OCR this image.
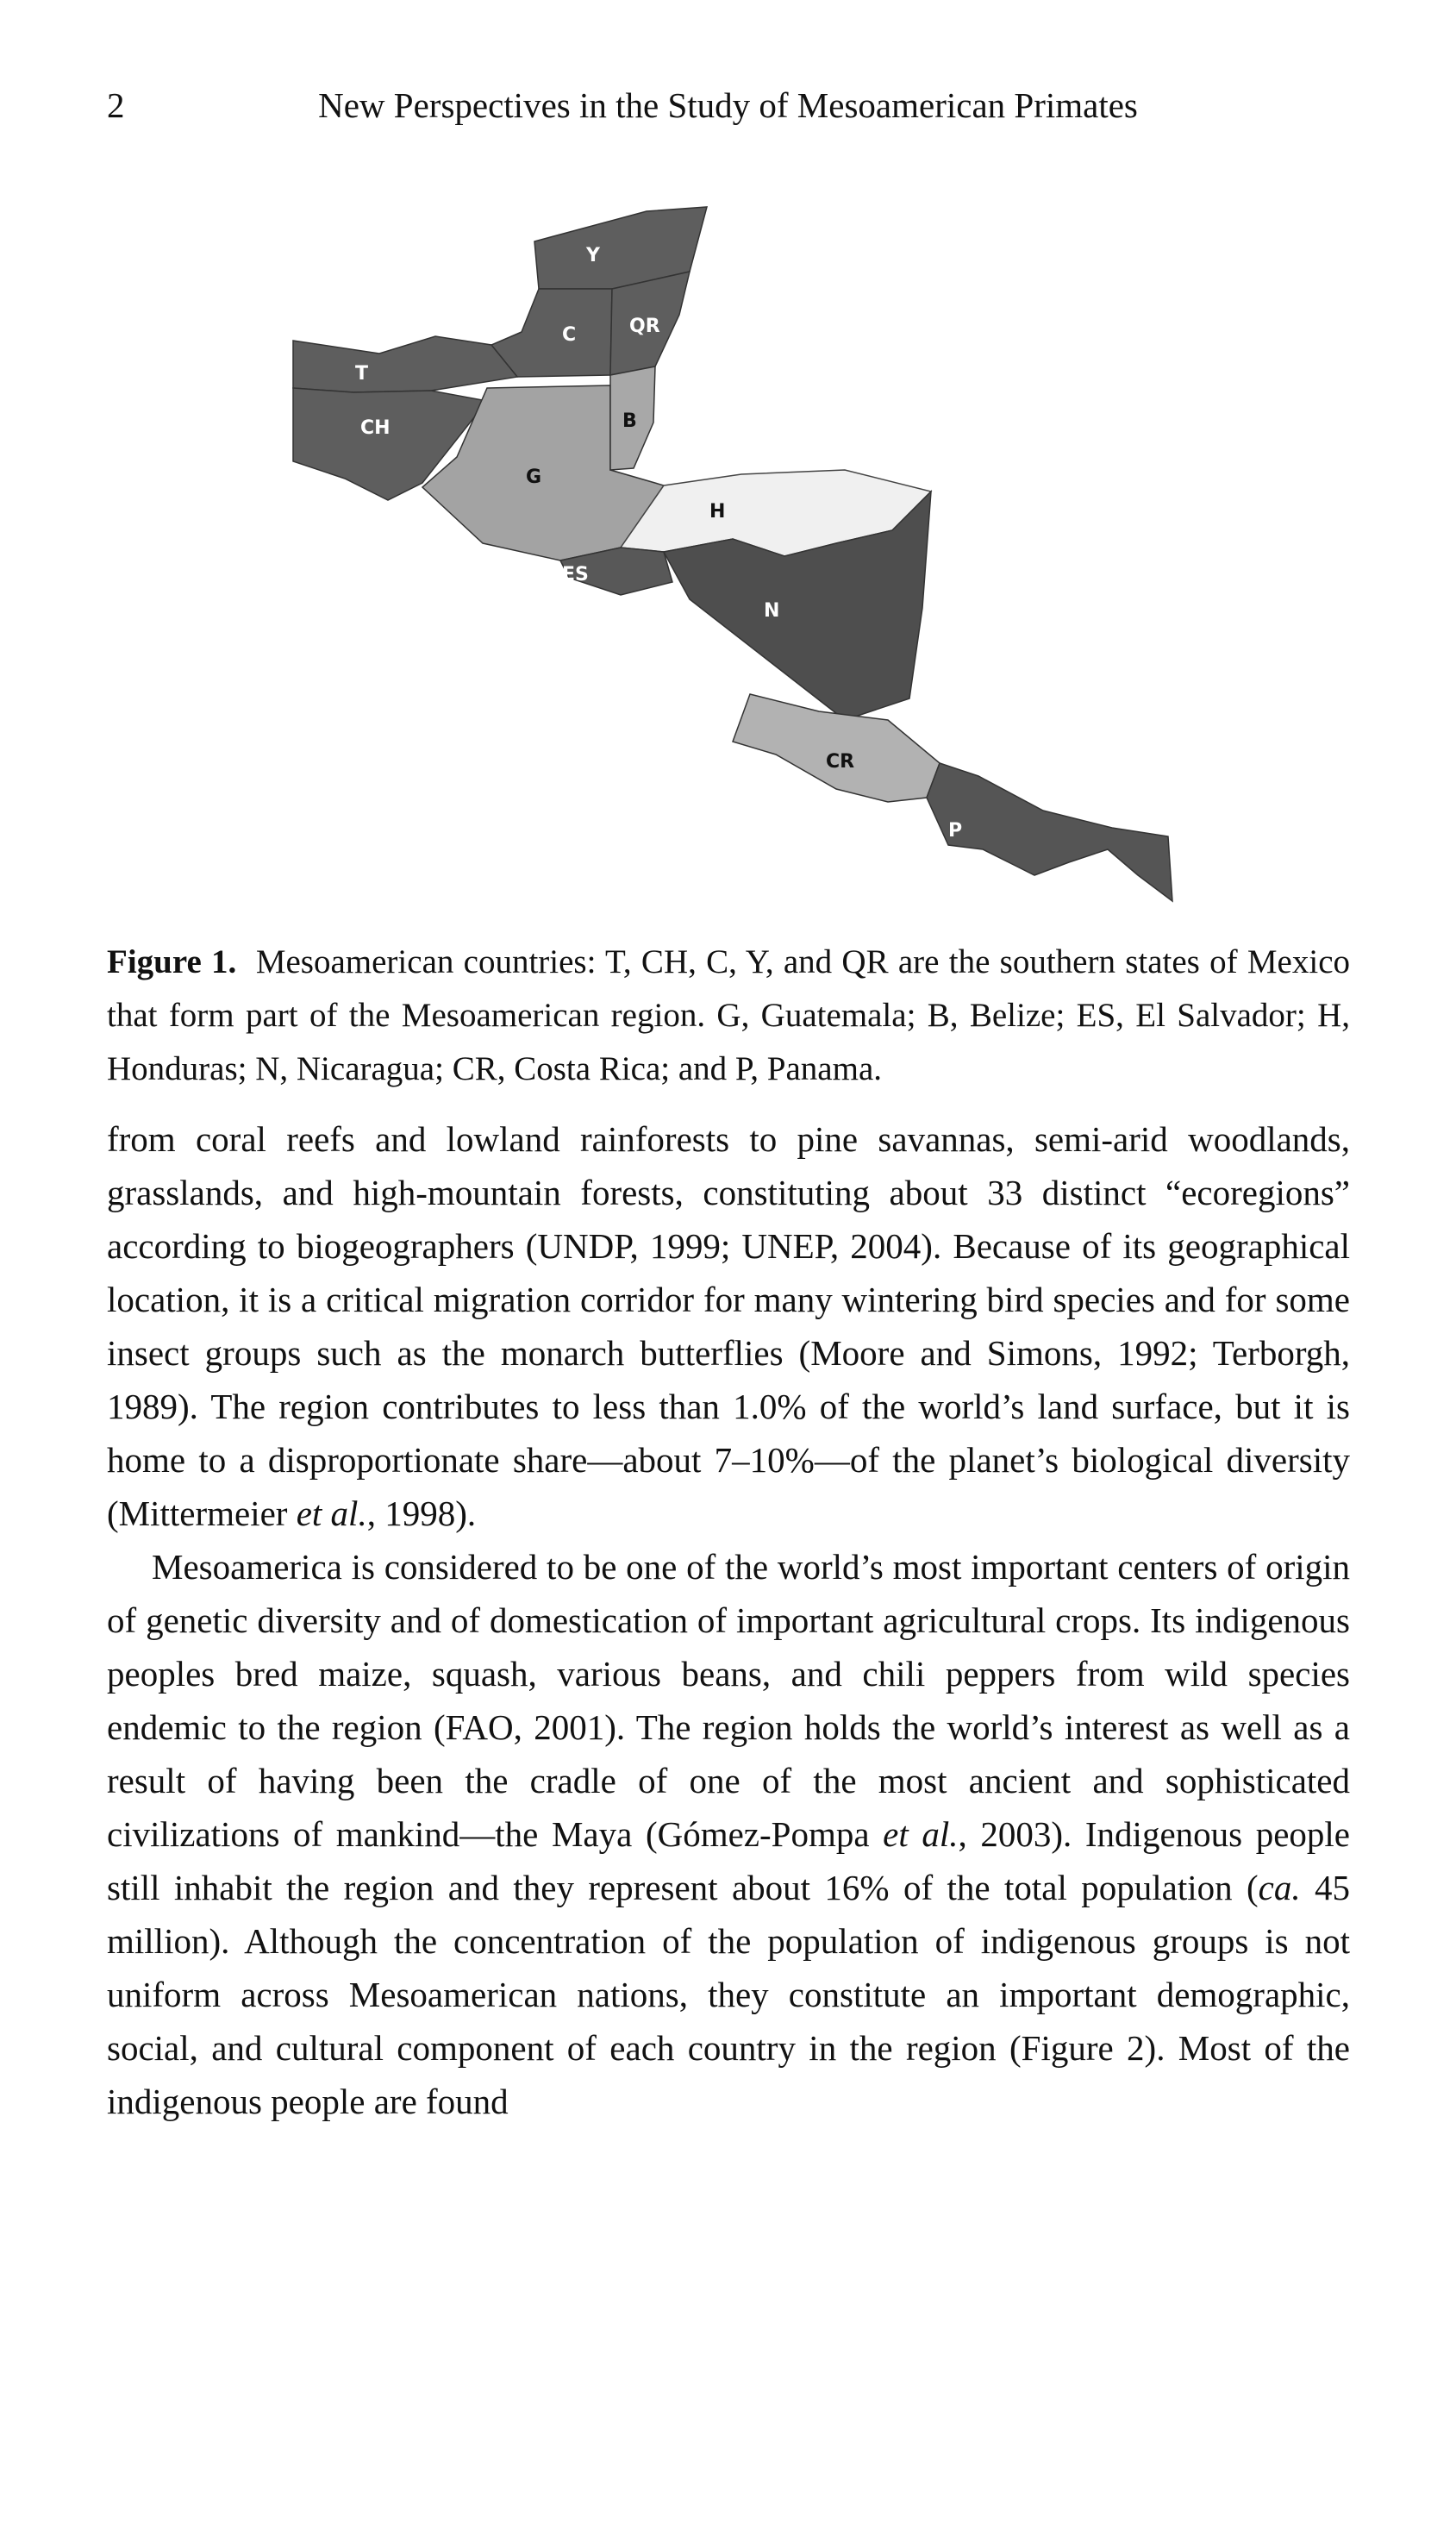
2	New Perspectives in the Study of Mesoamerican Primates
Y
C	QR
T
CH	B
G
H
ES
N
CR
P
Figure 1. Mesoamerican countries: T, CH, C, Y, and QR are the southern states of Mexico that form part of the Mesoamerican region. G, Guatemala; B, Belize; ES, El Salvador; H, Honduras; N, Nicaragua; CR, Costa Rica; and P, Panama.

from coral reefs and lowland rainforests to pine savannas, semi-arid woodlands, grasslands, and high-mountain forests, constituting about 33 distinct “ecoregions” according to biogeographers (UNDP, 1999; UNEP, 2004). Because of its geographical location, it is a critical migration corridor for many wintering bird species and for some insect groups such as the monarch butterflies (Moore and Simons, 1992; Terborgh, 1989). The region contributes to less than 1.0% of the world’s land surface, but it is home to a disproportionate share—about 7–10%—of the planet’s biological diversity (Mittermeier et al., 1998).

Mesoamerica is considered to be one of the world’s most important centers of origin of genetic diversity and of domestication of important agricultural crops. Its indigenous peoples bred maize, squash, various beans, and chili peppers from wild species endemic to the region (FAO, 2001). The region holds the world’s interest as well as a result of having been the cradle of one of the most ancient and sophisticated civilizations of mankind—the Maya (Gómez-Pompa et al., 2003). Indigenous people still inhabit the region and they represent about 16% of the total population (ca. 45 million). Although the concentration of the population of indigenous groups is not uniform across Mesoamerican nations, they constitute an important demographic, social, and cultural component of each country in the region (Figure 2). Most of the indigenous people are found
